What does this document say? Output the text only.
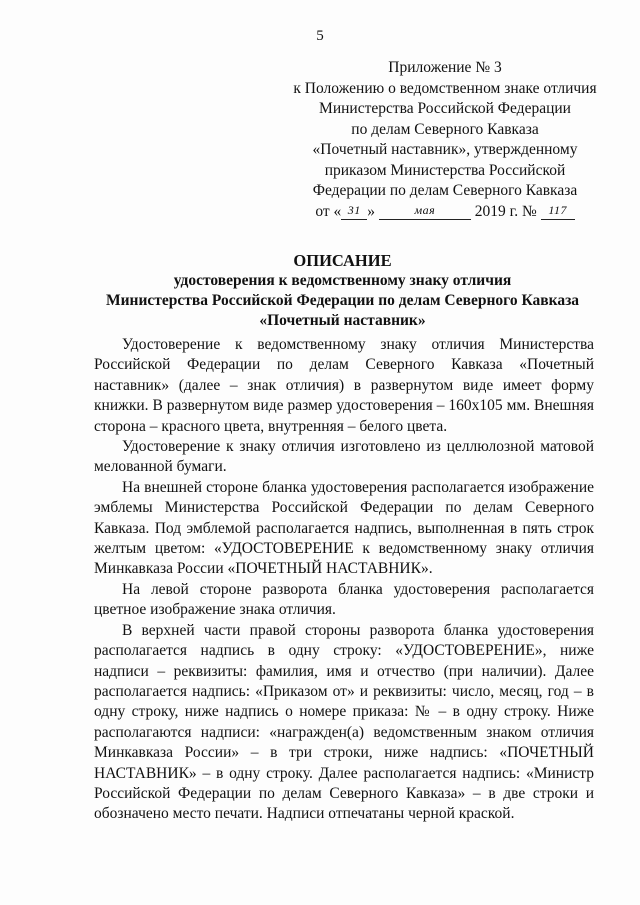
5
Приложение № 3
к Положению о ведомственном знаке отличия
Министерства Российской Федерации
по делам Северного Кавказа
«Почетный наставник», утвержденному
приказом Министерства Российской
Федерации по делам Северного Кавказа
от « 31 »	мая 2019 г. № 117
ОПИСАНИЕ
удостоверения к ведомственному знаку отличия
Министерства Российской Федерации по делам Северного Кавказа
«Почетный наставник»

Удостоверение к ведомственному знаку отличия Министерства Российской Федерации по делам Северного Кавказа «Почетный наставник» (далее – знак отличия) в развернутом виде имеет форму книжки. В развернутом виде размер удостоверения – 160х105 мм. Внешняя сторона – красного цвета, внутренняя – белого цвета.

Удостоверение к знаку отличия изготовлено из целлюлозной матовой мелованной бумаги.

На внешней стороне бланка удостоверения располагается изображение эмблемы Министерства Российской Федерации по делам Северного Кавказа. Под эмблемой располагается надпись, выполненная в пять строк желтым цветом: «УДОСТОВЕРЕНИЕ к ведомственному знаку отличия Минкавказа России «ПОЧЕТНЫЙ НАСТАВНИК».

На левой стороне разворота бланка удостоверения располагается цветное изображение знака отличия.

В верхней части правой стороны разворота бланка удостоверения располагается надпись в одну строку: «УДОСТОВЕРЕНИЕ», ниже надписи – реквизиты: фамилия, имя и отчество (при наличии). Далее располагается надпись: «Приказом от» и реквизиты: число, месяц, год – в одну строку, ниже надпись о номере приказа: № – в одну строку. Ниже располагаются надписи: «награжден(а) ведомственным знаком отличия Минкавказа России» – в три строки, ниже надпись: «ПОЧЕТНЫЙ НАСТАВНИК» – в одну строку. Далее располагается надпись: «Министр Российской Федерации по делам Северного Кавказа» – в две строки и обозначено место печати. Надписи отпечатаны черной краской.
